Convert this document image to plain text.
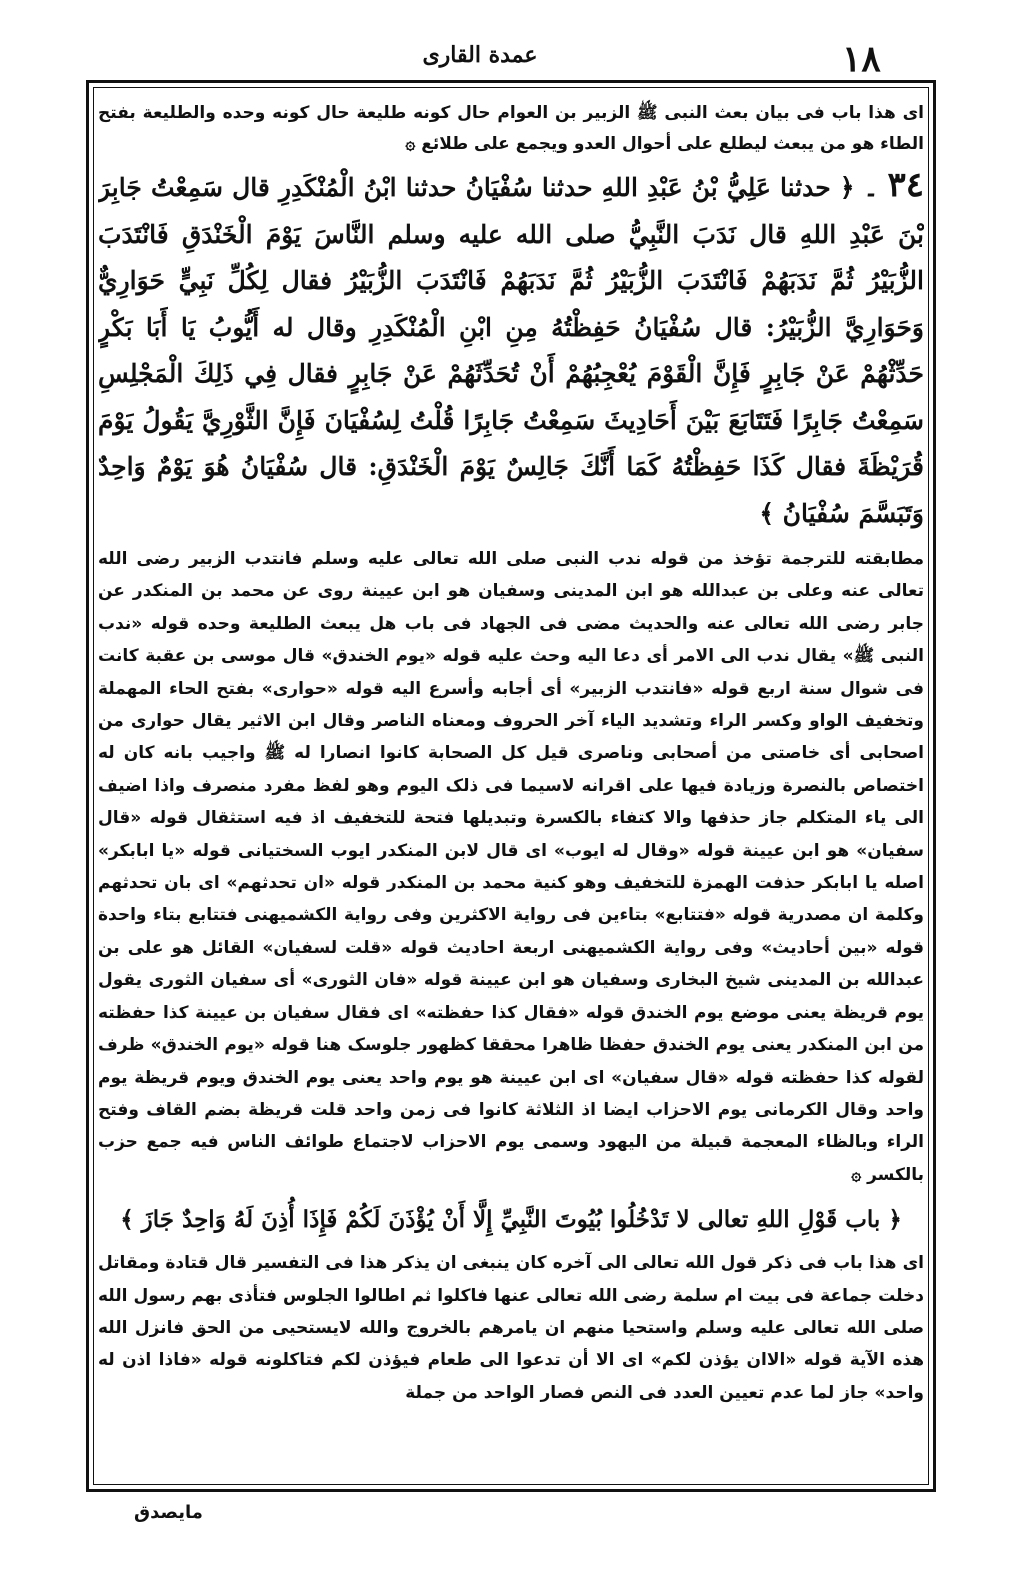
عمدة القاری	١٨

ای هذا باب فی بیان بعث النبی ﷺ الزبیر بن العوام حال کونه طلیعة حال کونه وحده والطلیعة بفتح الطاء هو من یبعث لیطلع علی أحوال العدو ویجمع علی طلائع ۞

٣٤ ۔ ﴿ حدثنا عَلِيُّ بْنُ عَبْدِ اللهِ حدثنا سُفْيَانُ حدثنا ابْنُ الْمُنْكَدِرِ قال سَمِعْتُ جَابِرَ بْنَ عَبْدِ اللهِ قال نَدَبَ النَّبِيُّ صلى الله عليه وسلم النَّاسَ يَوْمَ الْخَنْدَقِ فَانْتَدَبَ الزُّبَيْرُ ثُمَّ نَدَبَهُمْ فَانْتَدَبَ الزُّبَيْرُ ثُمَّ نَدَبَهُمْ فَانْتَدَبَ الزُّبَيْرُ فقال لِكُلِّ نَبِيٍّ حَوَارِيٌّ وَحَوَارِيَّ الزُّبَيْرُ: قال سُفْيَانُ حَفِظْتُهُ مِنِ ابْنِ الْمُنْكَدِرِ وقال له أَيُّوبُ يَا أَبَا بَكْرٍ حَدِّثْهُمْ عَنْ جَابِرٍ فَإِنَّ الْقَوْمَ يُعْجِبُهُمْ أَنْ تُحَدِّثَهُمْ عَنْ جَابِرٍ فقال فِي ذَلِكَ الْمَجْلِسِ سَمِعْتُ جَابِرًا فَتَتَابَعَ بَيْنَ أَحَادِيثَ سَمِعْتُ جَابِرًا قُلْتُ لِسُفْيَانَ فَإِنَّ الثَّوْرِيَّ يَقُولُ يَوْمَ قُرَيْظَةَ فقال كَذَا حَفِظْتُهُ كَمَا أَنَّكَ جَالِسٌ يَوْمَ الْخَنْدَقِ: قال سُفْيَانُ هُوَ يَوْمٌ وَاحِدٌ وَتَبَسَّمَ سُفْيَانُ ﴾

مطابقته للترجمة تؤخذ من قوله ندب النبی صلی الله تعالی علیه وسلم فانتدب الزبیر رضی الله تعالی عنه وعلی بن عبدالله هو ابن المدینی وسفیان هو ابن عیینة روی عن محمد بن المنکدر عن جابر رضی الله تعالی عنه والحدیث مضی فی الجهاد فی باب هل یبعث الطلیعة وحده قوله «ندب النبی ﷺ» یقال ندب الی الامر أی دعا الیه وحث علیه قوله «یوم الخندق» قال موسی بن عقبة کانت فی شوال سنة اربع قوله «فانتدب الزبیر» أی أجابه وأسرع الیه قوله «حواری» بفتح الحاء المهملة وتخفیف الواو وکسر الراء وتشدید الیاء آخر الحروف ومعناه الناصر وقال ابن الاثیر یقال حواری من اصحابی أی خاصتی من أصحابی وناصری قیل کل الصحابة کانوا انصارا له ﷺ واجیب بانه کان له اختصاص بالنصرة وزیادة فیها علی اقرانه لاسیما فی ذلک الیوم وهو لفظ مفرد منصرف واذا اضیف الی یاء المتکلم جاز حذفها والا کتفاء بالکسرة وتبدیلها فتحة للتخفیف اذ فیه استثقال قوله «قال سفیان» هو ابن عیینة قوله «وقال له ایوب» ای قال لابن المنکدر ایوب السختیانی قوله «یا ابابکر» اصله یا ابابکر حذفت الهمزة للتخفیف وهو کنیة محمد بن المنکدر قوله «ان تحدثهم» ای بان تحدثهم وکلمة ان مصدریة قوله «فتتابع» بتاءین فی روایة الاکثرین وفی روایة الکشمیهنی فتتابع بتاء واحدة قوله «بین أحادیث» وفی روایة الکشمیهنی اربعة احادیث قوله «قلت لسفیان» القائل هو علی بن عبدالله بن المدینی شیخ البخاری وسفیان هو ابن عیینة قوله «فان الثوری» أی سفیان الثوری یقول یوم قریظة یعنی موضع یوم الخندق قوله «فقال کذا حفظته» ای فقال سفیان بن عیینة کذا حفظته من ابن المنکدر یعنی یوم الخندق حفظا ظاهرا محققا کظهور جلوسک هنا قوله «یوم الخندق» ظرف لقوله کذا حفظته قوله «قال سفیان» ای ابن عیینة هو یوم واحد یعنی یوم الخندق ویوم قریظة یوم واحد وقال الکرمانی یوم الاحزاب ایضا اذ الثلاثة کانوا فی زمن واحد قلت قریظة بضم القاف وفتح الراء وبالظاء المعجمة قبیلة من الیهود وسمی یوم الاحزاب لاجتماع طوائف الناس فیه جمع حزب بالکسر ۞

﴿ باب قَوْلِ اللهِ تعالى لا تَدْخُلُوا بُيُوتَ النَّبِيِّ إِلَّا أَنْ يُؤْذَنَ لَكُمْ فَإِذَا أُذِنَ لَهُ وَاحِدٌ جَازَ ﴾

ای هذا باب فی ذکر قول الله تعالی الی آخره کان ینبغی ان یذکر هذا فی التفسیر قال قتادة ومقاتل دخلت جماعة فی بیت ام سلمة رضی الله تعالی عنها فاکلوا ثم اطالوا الجلوس فتأذی بهم رسول الله صلی الله تعالی علیه وسلم واستحیا منهم ان یامرهم بالخروج والله لایستحیی من الحق فانزل الله هذه الآیة قوله «الاان یؤذن لکم» ای الا أن تدعوا الی طعام فیؤذن لکم فتاکلونه قوله «فاذا اذن له واحد» جاز لما عدم تعیین العدد فی النص فصار الواحد من جملة

مایصدق
